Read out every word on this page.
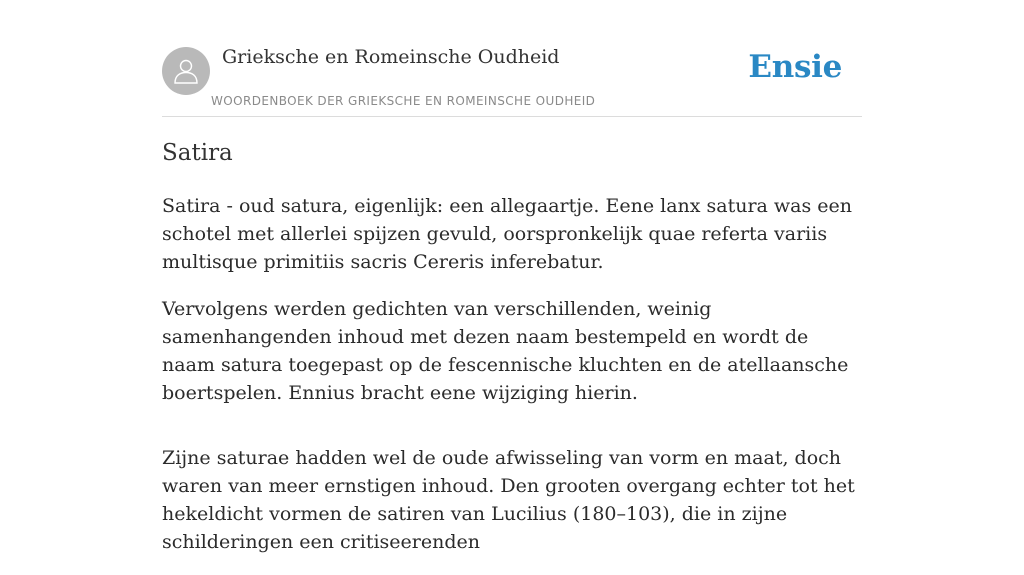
Grieksche en Romeinsche Oudheid
WOORDENBOEK DER GRIEKSCHE EN ROMEINSCHE OUDHEID
Ensie
Satira

Satira - oud satura, eigenlijk: een allegaartje. Eene lanx satura was een schotel met allerlei spijzen gevuld, oorspronkelijk quae referta variis multisque primitiis sacris Cereris inferebatur.

Vervolgens werden gedichten van verschillenden, weinig samenhangenden inhoud met dezen naam bestempeld en wordt de naam satura toegepast op de fescennische kluchten en de atellaansche boertspelen. Ennius bracht eene wijziging hierin.

Zijne saturae hadden wel de oude afwisseling van vorm en maat, doch waren van meer ernstigen inhoud. Den grooten overgang echter tot het hekeldicht vormen de satiren van Lucilius (180–103), die in zijne schilderingen een critiseerenden
